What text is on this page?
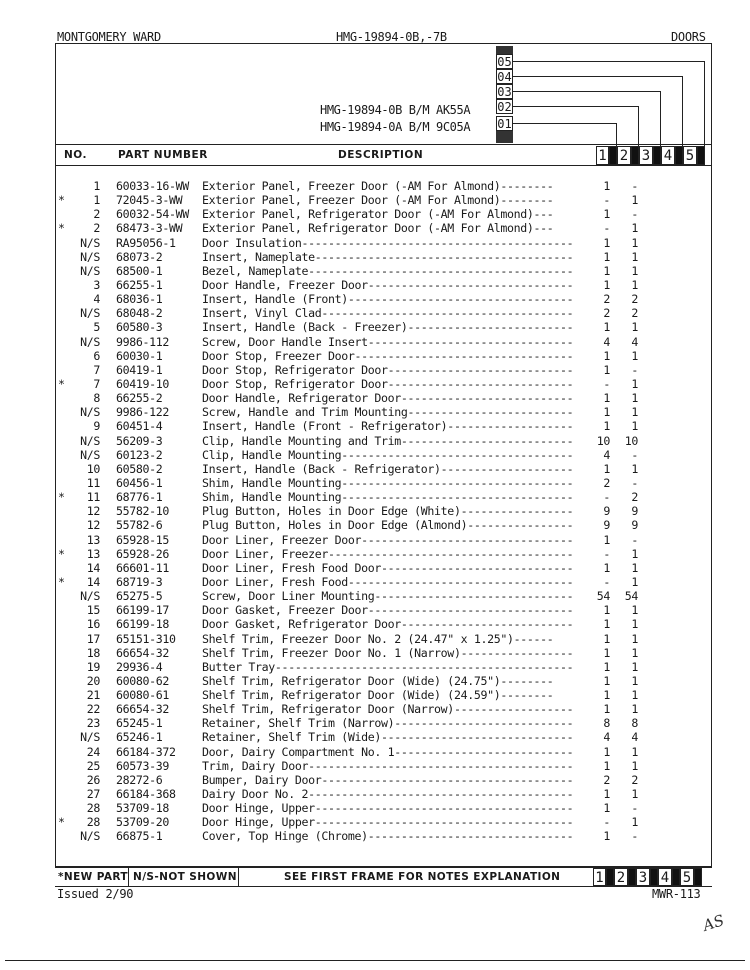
MONTGOMERY WARD	HMG-19894-0B,-7B	DOORS
HMG-19894-0B B/M AK55A
HMG-19894-0A B/M 9C05A
05
04
03
02
01
NO.	PART NUMBER	DESCRIPTION	1 2 3 4 5
1 60033-16-WW Exterior Panel, Freezer Door (-AM For Almond)--------	1	-
*	1 72045-3-WW Exterior Panel, Freezer Door (-AM For Almond)--------	-	1
2 60032-54-WW Exterior Panel, Refrigerator Door (-AM For Almond)---	1	-
*	2 68473-3-WW Exterior Panel, Refrigerator Door (-AM For Almond)---	-	1
N/S RA95056-1 Door Insulation-----------------------------------------	1	1
N/S 68073-2	Insert, Nameplate---------------------------------------	1	1
N/S 68500-1	Bezel, Nameplate----------------------------------------	1	1
3 66255-1	Door Handle, Freezer Door-------------------------------	1	1
4 68036-1	Insert, Handle (Front)----------------------------------	2	2
N/S 68048-2	Insert, Vinyl Clad--------------------------------------	2	2
5 60580-3	Insert, Handle (Back - Freezer)-------------------------	1	1
N/S 9986-112	Screw, Door Handle Insert-------------------------------	4	4
6 60030-1	Door Stop, Freezer Door---------------------------------	1	1
7 60419-1	Door Stop, Refrigerator Door----------------------------	1	-
*	7 60419-10	Door Stop, Refrigerator Door----------------------------	-	1
8 66255-2	Door Handle, Refrigerator Door--------------------------	1	1
N/S 9986-122	Screw, Handle and Trim Mounting-------------------------	1	1
9 60451-4	Insert, Handle (Front - Refrigerator)-------------------	1	1
N/S 56209-3	Clip, Handle Mounting and Trim--------------------------	10	10
N/S 60123-2	Clip, Handle Mounting-----------------------------------	4	-
10 60580-2	Insert, Handle (Back - Refrigerator)--------------------	1	1
11 60456-1	Shim, Handle Mounting-----------------------------------	2	-
*	11 68776-1	Shim, Handle Mounting-----------------------------------	-	2
12 55782-10	Plug Button, Holes in Door Edge (White)-----------------	9	9
12 55782-6	Plug Button, Holes in Door Edge (Almond)----------------	9	9
13 65928-15	Door Liner, Freezer Door--------------------------------	1	-
*	13 65928-26	Door Liner, Freezer-------------------------------------	-	1
14 66601-11	Door Liner, Fresh Food Door-----------------------------	1	1
*	14 68719-3	Door Liner, Fresh Food----------------------------------	-	1
N/S 65275-5	Screw, Door Liner Mounting------------------------------	54	54
15 66199-17	Door Gasket, Freezer Door-------------------------------	1	1
16 66199-18	Door Gasket, Refrigerator Door--------------------------	1	1
17 65151-310 Shelf Trim, Freezer Door No. 2 (24.47" x 1.25")------	1	1
18 66654-32	Shelf Trim, Freezer Door No. 1 (Narrow)-----------------	1	1
19 29936-4	Butter Tray---------------------------------------------	1	1
20 60080-62	Shelf Trim, Refrigerator Door (Wide) (24.75")--------	1	1
21 60080-61	Shelf Trim, Refrigerator Door (Wide) (24.59")--------	1	1
22 66654-32	Shelf Trim, Refrigerator Door (Narrow)------------------	1	1
23 65245-1	Retainer, Shelf Trim (Narrow)---------------------------	8	8
N/S 65246-1	Retainer, Shelf Trim (Wide)-----------------------------	4	4
24 66184-372 Door, Dairy Compartment No. 1---------------------------	1	1
25 60573-39	Trim, Dairy Door----------------------------------------	1	1
26 28272-6	Bumper, Dairy Door--------------------------------------	2	2
27 66184-368 Dairy Door No. 2----------------------------------------	1	1
28 53709-18	Door Hinge, Upper---------------------------------------	1	-
*	28 53709-20	Door Hinge, Upper---------------------------------------	-	1
N/S 66875-1	Cover, Top Hinge (Chrome)-------------------------------	1	-
*NEW PART N/S-NOT SHOWN	SEE FIRST FRAME FOR NOTES EXPLANATION 1 2 3 4 5
Issued 2/90	MWR-113
AS
